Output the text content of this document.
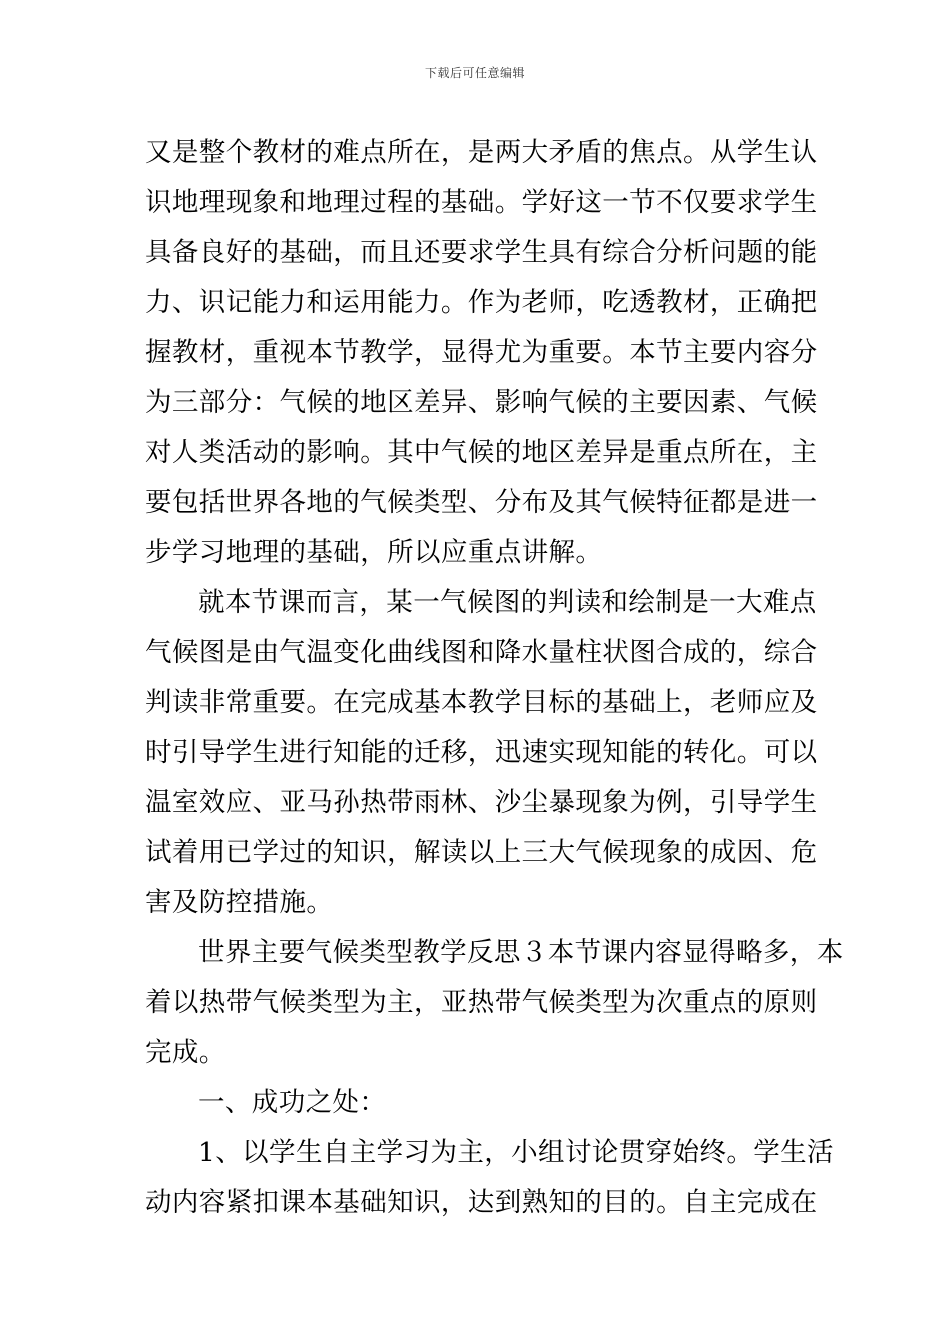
下载后可任意编辑
又是整个教材的难点所在，是两大矛盾的焦点。从学生认
识地理现象和地理过程的基础。学好这一节不仅要求学生
具备良好的基础，而且还要求学生具有综合分析问题的能
力、识记能力和运用能力。作为老师，吃透教材，正确把
握教材，重视本节教学，显得尤为重要。本节主要内容分
为三部分：气候的地区差异、影响气候的主要因素、气候
对人类活动的影响。其中气候的地区差异是重点所在，主
要包括世界各地的气候类型、分布及其气候特征都是进一
步学习地理的基础，所以应重点讲解。
就本节课而言，某一气候图的判读和绘制是一大难点
气候图是由气温变化曲线图和降水量柱状图合成的，综合
判读非常重要。在完成基本教学目标的基础上，老师应及
时引导学生进行知能的迁移，迅速实现知能的转化。可以
温室效应、亚马孙热带雨林、沙尘暴现象为例，引导学生
试着用已学过的知识，解读以上三大气候现象的成因、危
害及防控措施。
世界主要气候类型教学反思３本节课内容显得略多，本
着以热带气候类型为主，亚热带气候类型为次重点的原则
完成。
一、成功之处：
1、以学生自主学习为主，小组讨论贯穿始终。学生活
动内容紧扣课本基础知识，达到熟知的目的。自主完成在
